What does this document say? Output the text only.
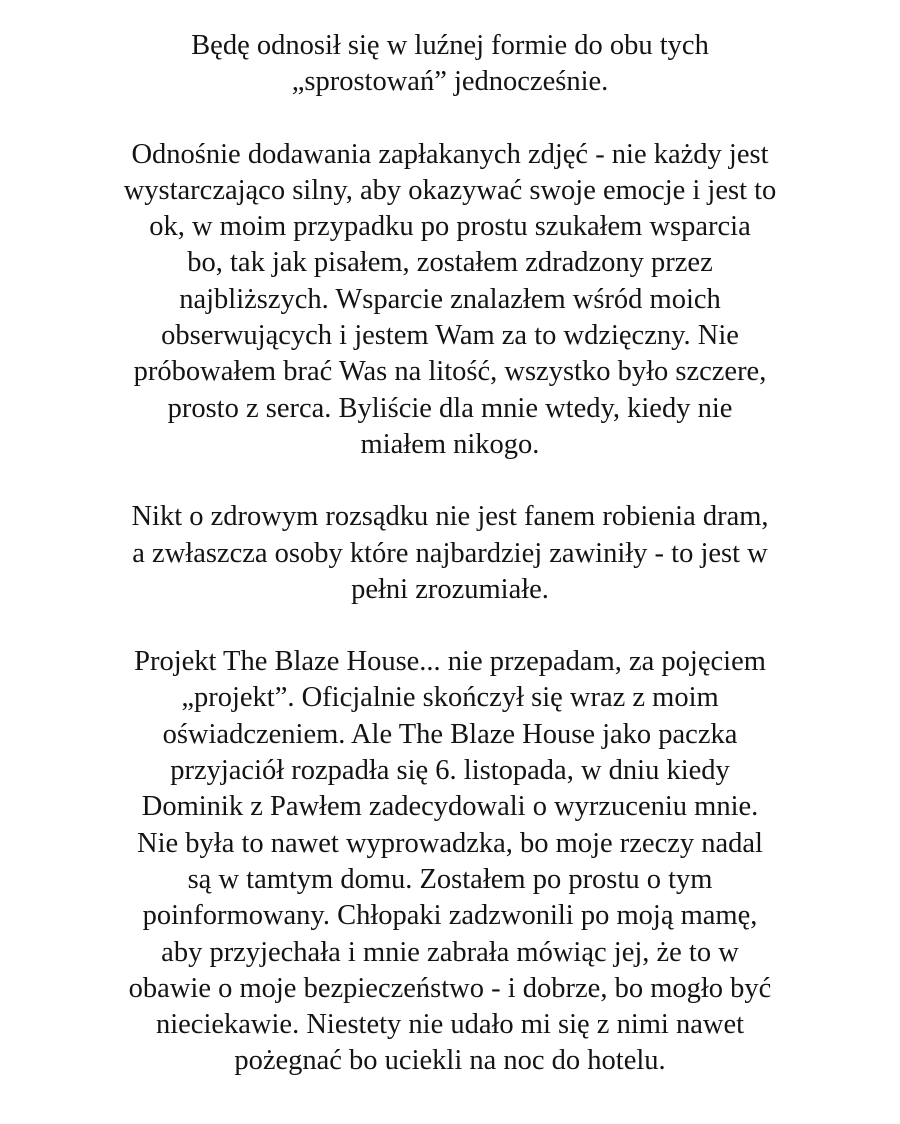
Będę odnosił się w luźnej formie do obu tych
„sprostowań” jednocześnie.
Odnośnie dodawania zapłakanych zdjęć - nie każdy jest
wystarczająco silny, aby okazywać swoje emocje i jest to
ok, w moim przypadku po prostu szukałem wsparcia
bo, tak jak pisałem, zostałem zdradzony przez
najbliższych. Wsparcie znalazłem wśród moich
obserwujących i jestem Wam za to wdzięczny. Nie
próbowałem brać Was na litość, wszystko było szczere,
prosto z serca. Byliście dla mnie wtedy, kiedy nie
miałem nikogo.
Nikt o zdrowym rozsądku nie jest fanem robienia dram,
a zwłaszcza osoby które najbardziej zawiniły - to jest w
pełni zrozumiałe.
Projekt The Blaze House... nie przepadam, za pojęciem
„projekt”. Oficjalnie skończył się wraz z moim
oświadczeniem. Ale The Blaze House jako paczka
przyjaciół rozpadła się 6. listopada, w dniu kiedy
Dominik z Pawłem zadecydowali o wyrzuceniu mnie.
Nie była to nawet wyprowadzka, bo moje rzeczy nadal
są w tamtym domu. Zostałem po prostu o tym
poinformowany. Chłopaki zadzwonili po moją mamę,
aby przyjechała i mnie zabrała mówiąc jej, że to w
obawie o moje bezpieczeństwo - i dobrze, bo mogło być
nieciekawie. Niestety nie udało mi się z nimi nawet
pożegnać bo uciekli na noc do hotelu.
